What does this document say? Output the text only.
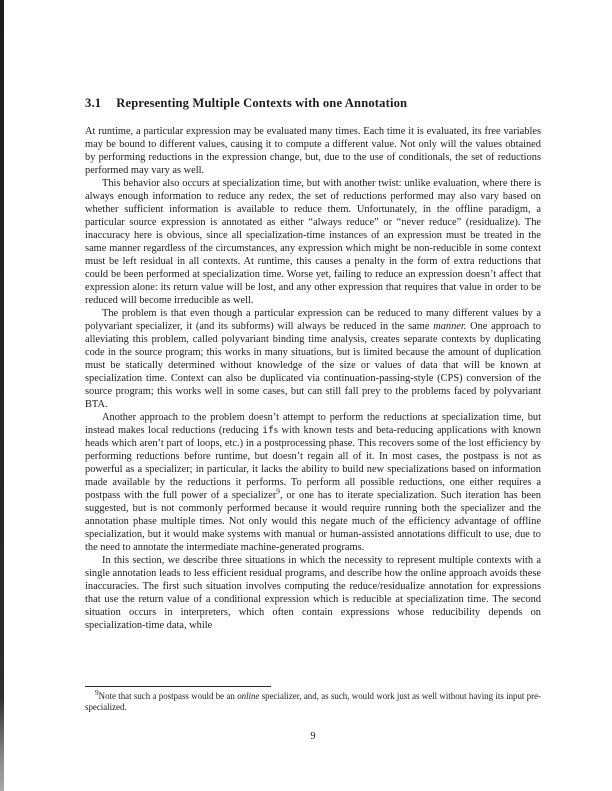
3.1 Representing Multiple Contexts with one Annotation

At runtime, a particular expression may be evaluated many times. Each time it is evaluated, its free variables may be bound to different values, causing it to compute a different value. Not only will the values obtained by performing reductions in the expression change, but, due to the use of conditionals, the set of reductions performed may vary as well.

This behavior also occurs at specialization time, but with another twist: unlike evaluation, where there is always enough information to reduce any redex, the set of reductions performed may also vary based on whether sufficient information is available to reduce them. Unfortunately, in the offline paradigm, a particular source expression is annotated as either “always reduce” or “never reduce” (residualize). The inaccuracy here is obvious, since all specialization-time instances of an expression must be treated in the same manner regardless of the circumstances, any expression which might be non-reducible in some context must be left residual in all contexts. At runtime, this causes a penalty in the form of extra reductions that could be been performed at specialization time. Worse yet, failing to reduce an expression doesn’t affect that expression alone: its return value will be lost, and any other expression that requires that value in order to be reduced will become irreducible as well.

The problem is that even though a particular expression can be reduced to many different values by a polyvariant specializer, it (and its subforms) will always be reduced in the same manner. One approach to alleviating this problem, called polyvariant binding time analysis, creates separate contexts by duplicating code in the source program; this works in many situations, but is limited because the amount of duplication must be statically determined without knowledge of the size or values of data that will be known at specialization time. Context can also be duplicated via continuation-passing-style (CPS) conversion of the source program; this works well in some cases, but can still fall prey to the problems faced by polyvariant BTA.

Another approach to the problem doesn’t attempt to perform the reductions at specialization time, but instead makes local reductions (reducing ifs with known tests and beta-reducing applications with known heads which aren’t part of loops, etc.) in a postprocessing phase. This recovers some of the lost efficiency by performing reductions before runtime, but doesn’t regain all of it. In most cases, the postpass is not as powerful as a specializer; in particular, it lacks the ability to build new specializations based on information made available by the reductions it performs. To perform all possible reductions, one either requires a postpass with the full power of a specializer$^9$, or one has to iterate specialization. Such iteration has been suggested, but is not commonly performed because it would require running both the specializer and the annotation phase multiple times. Not only would this negate much of the efficiency advantage of offline specialization, but it would make systems with manual or human-assisted annotations difficult to use, due to the need to annotate the intermediate machine-generated programs.

In this section, we describe three situations in which the necessity to represent multiple contexts with a single annotation leads to less efficient residual programs, and describe how the online approach avoids these inaccuracies. The first such situation involves computing the reduce/residualize annotation for expressions that use the return value of a conditional expression which is reducible at specialization time. The second situation occurs in interpreters, which often contain expressions whose reducibility depends on specialization-time data, while

$^9$Note that such a postpass would be an online specializer, and, as such, would work just as well without having its input pre-specialized.
9
